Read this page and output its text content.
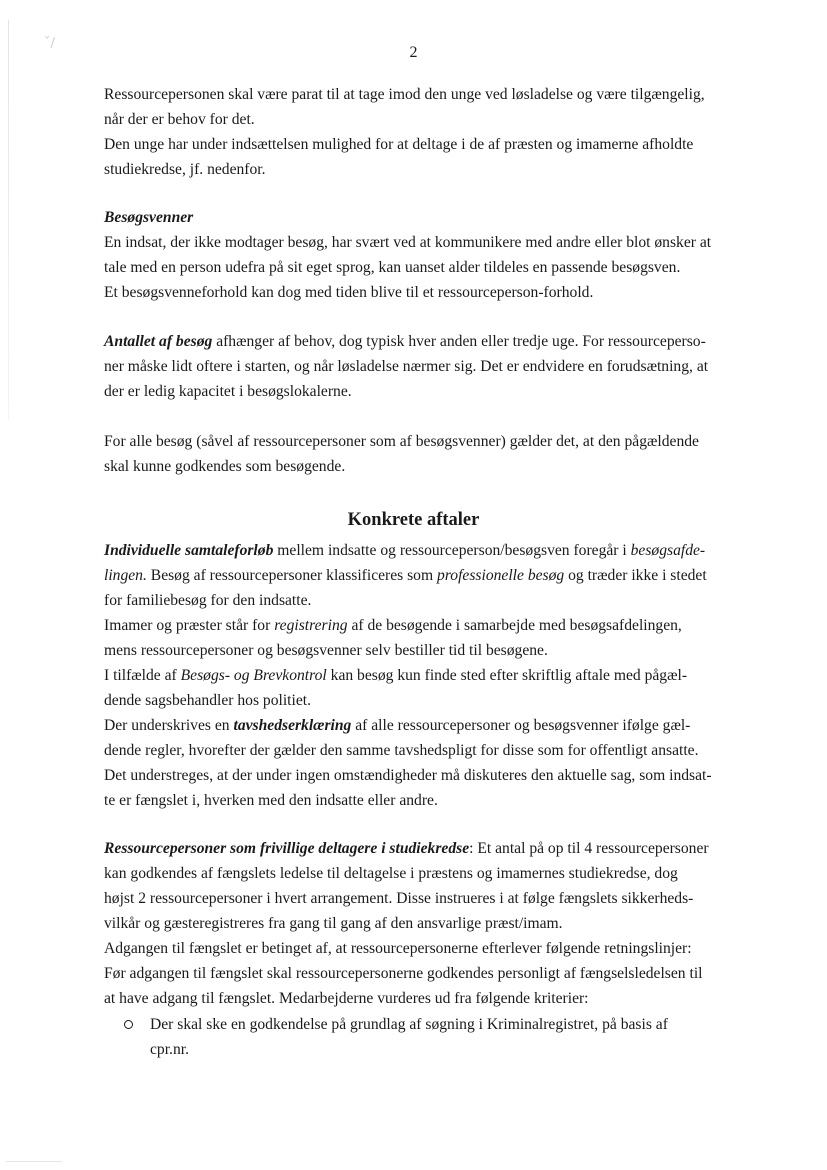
ˇ/
2
Ressourcepersonen skal være parat til at tage imod den unge ved løsladelse og være tilgængelig,
når der er behov for det.
Den unge har under indsættelsen mulighed for at deltage i de af præsten og imamerne afholdte
studiekredse, jf. nedenfor.
Besøgsvenner
En indsat, der ikke modtager besøg, har svært ved at kommunikere med andre eller blot ønsker at
tale med en person udefra på sit eget sprog, kan uanset alder tildeles en passende besøgsven.
Et besøgsvenneforhold kan dog med tiden blive til et ressourceperson-forhold.
Antallet af besøg afhænger af behov, dog typisk hver anden eller tredje uge. For ressourceperso-
ner måske lidt oftere i starten, og når løsladelse nærmer sig. Det er endvidere en forudsætning, at
der er ledig kapacitet i besøgslokalerne.
For alle besøg (såvel af ressourcepersoner som af besøgsvenner) gælder det, at den pågældende
skal kunne godkendes som besøgende.
Konkrete aftaler
Individuelle samtaleforløb mellem indsatte og ressourceperson/besøgsven foregår i besøgsafde-
lingen. Besøg af ressourcepersoner klassificeres som professionelle besøg og træder ikke i stedet
for familiebesøg for den indsatte.
Imamer og præster står for registrering af de besøgende i samarbejde med besøgsafdelingen,
mens ressourcepersoner og besøgsvenner selv bestiller tid til besøgene.
I tilfælde af Besøgs- og Brevkontrol kan besøg kun finde sted efter skriftlig aftale med pågæl-
dende sagsbehandler hos politiet.
Der underskrives en tavshedserklæring af alle ressourcepersoner og besøgsvenner ifølge gæl-
dende regler, hvorefter der gælder den samme tavshedspligt for disse som for offentligt ansatte.
Det understreges, at der under ingen omstændigheder må diskuteres den aktuelle sag, som indsat-
te er fængslet i, hverken med den indsatte eller andre.
Ressourcepersoner som frivillige deltagere i studiekredse: Et antal på op til 4 ressourcepersoner
kan godkendes af fængslets ledelse til deltagelse i præstens og imamernes studiekredse, dog
højst 2 ressourcepersoner i hvert arrangement. Disse instrueres i at følge fængslets sikkerheds-
vilkår og gæsteregistreres fra gang til gang af den ansvarlige præst/imam.
Adgangen til fængslet er betinget af, at ressourcepersonerne efterlever følgende retningslinjer:
Før adgangen til fængslet skal ressourcepersonerne godkendes personligt af fængselsledelsen til
at have adgang til fængslet. Medarbejderne vurderes ud fra følgende kriterier:
Der skal ske en godkendelse på grundlag af søgning i Kriminalregistret, på basis af
cpr.nr.
